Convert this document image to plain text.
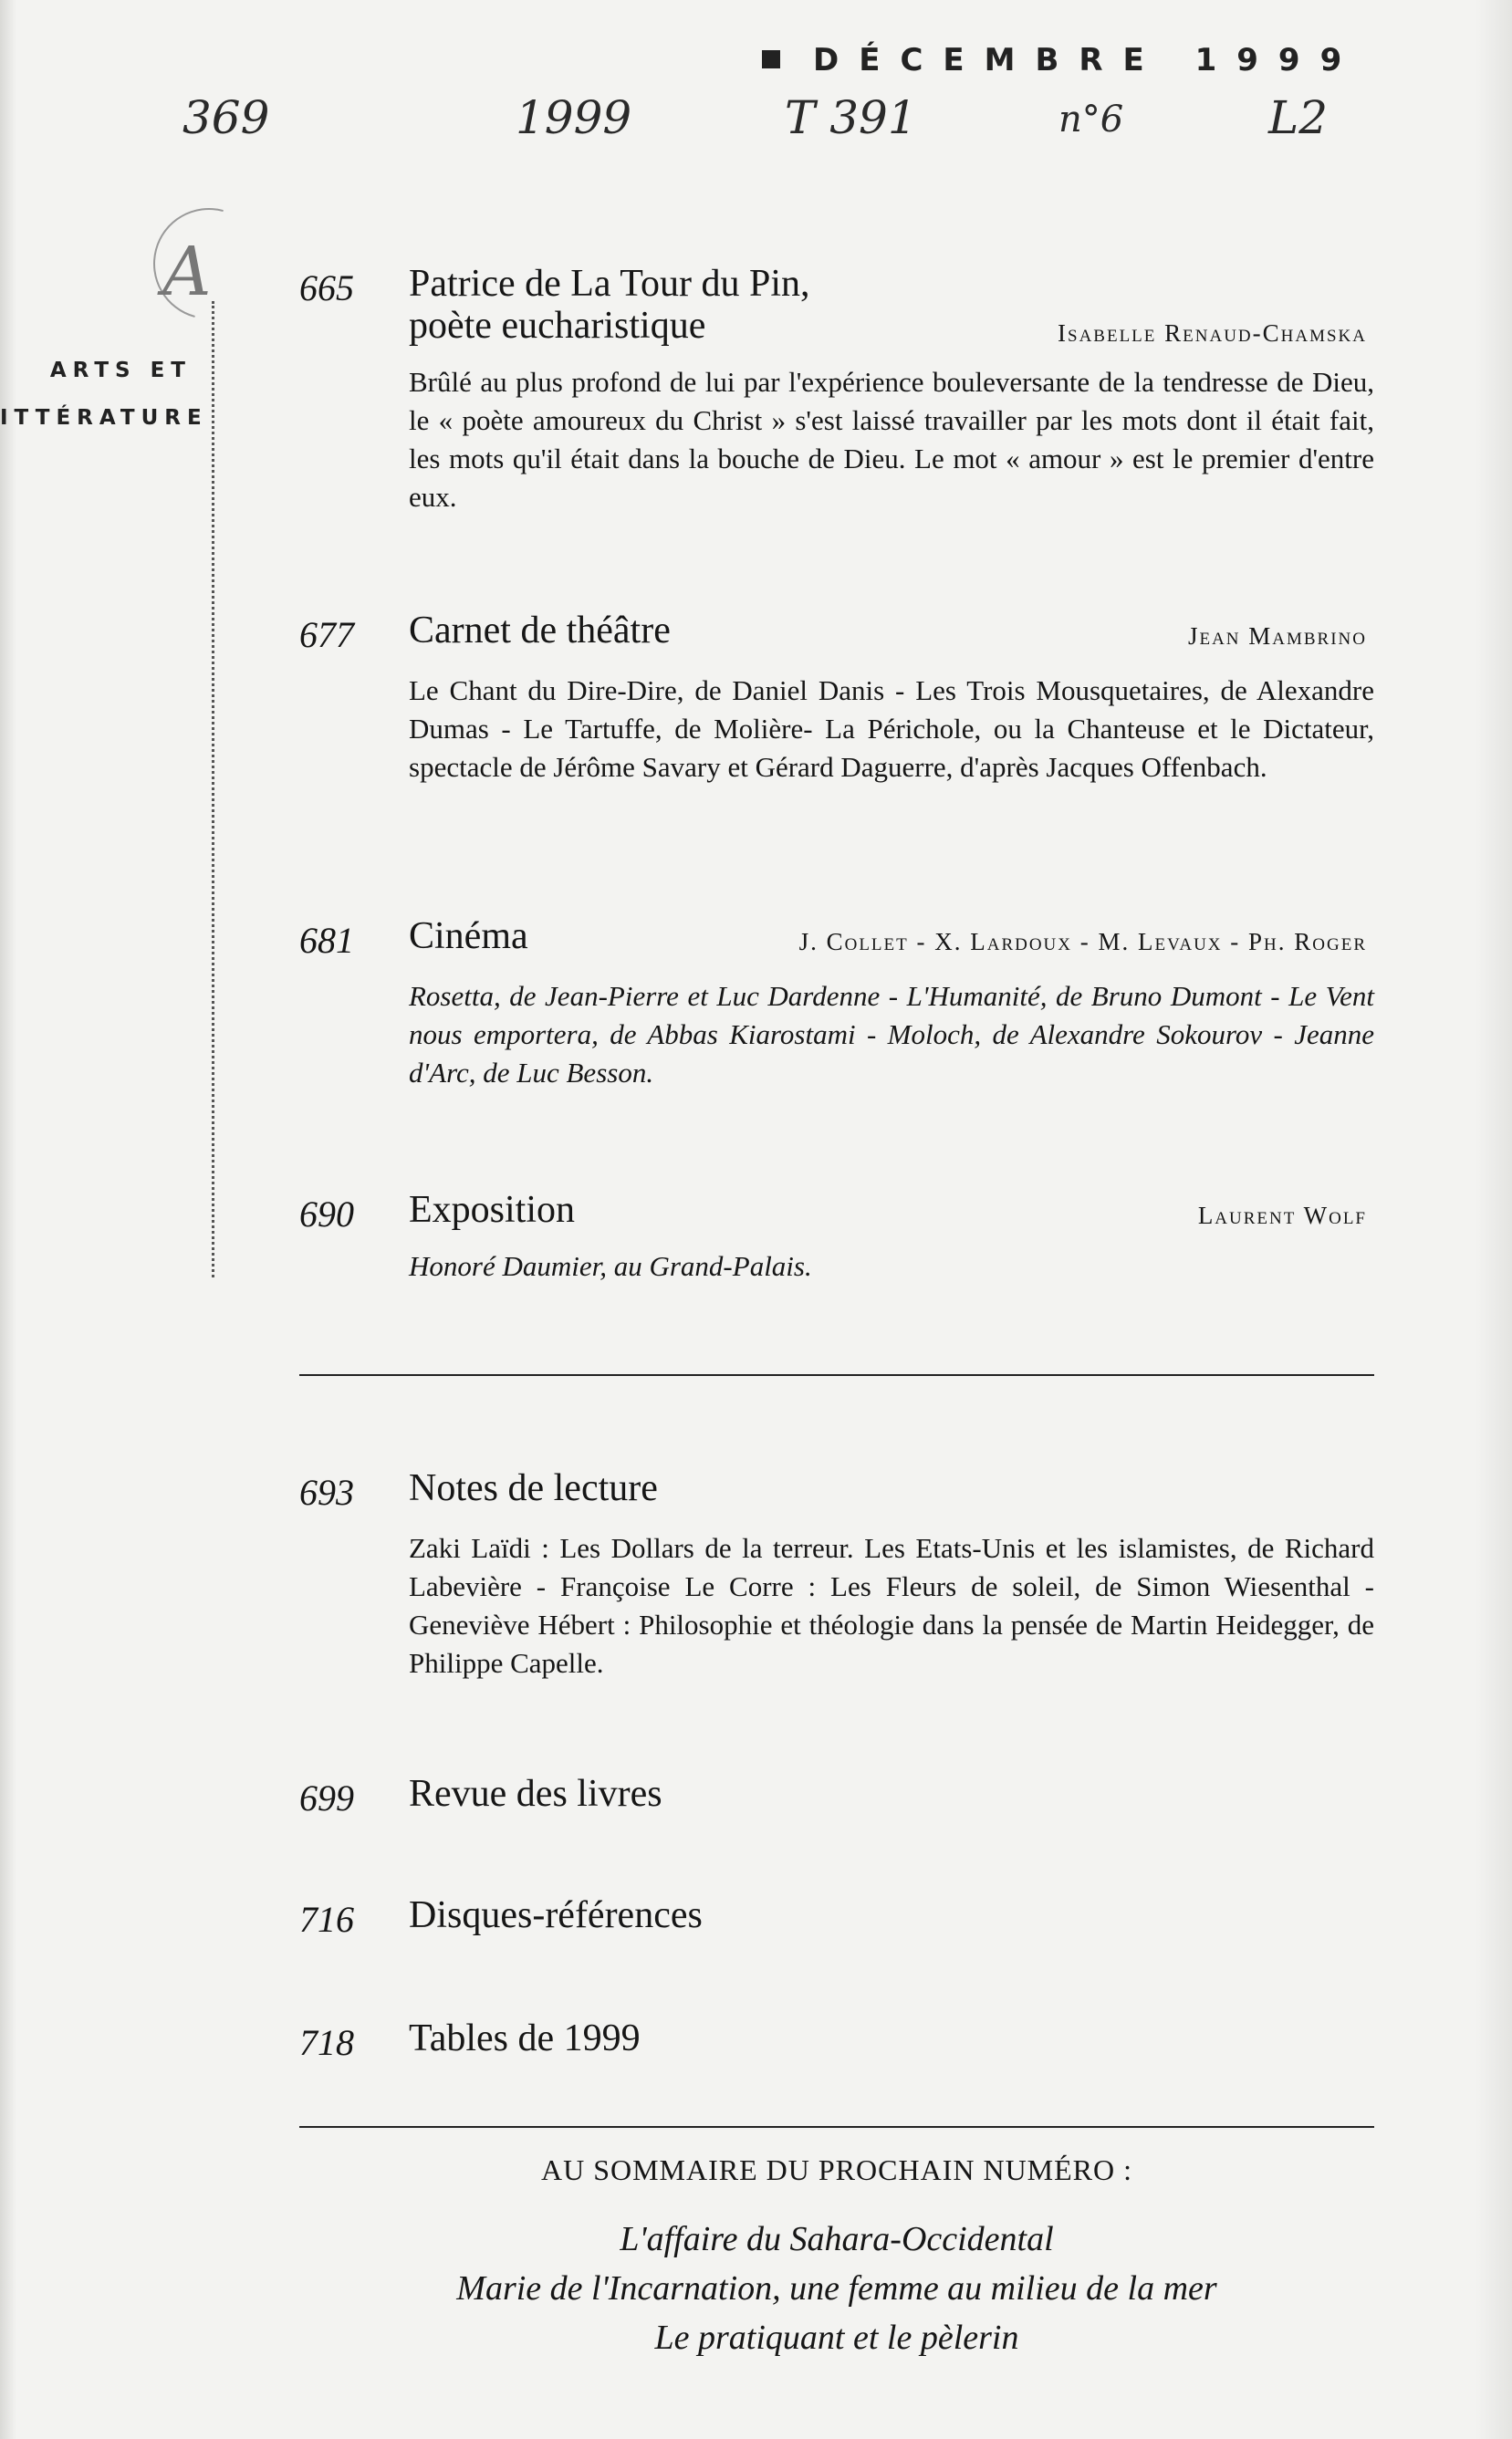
DÉCEMBRE 1999
369	1999	T 391	n°6	L2
A
ARTS ET
ITTÉRATURE
665	Patrice de La Tour du Pin,
poète eucharistique	Isabelle Renaud-Chamska
Brûlé au plus profond de lui par l'expérience bouleversante de la tendresse de Dieu, le « poète amoureux du Christ » s'est laissé travailler par les mots dont il était fait, les mots qu'il était dans la bouche de Dieu. Le mot « amour » est le premier d'entre eux.
677	Carnet de théâtre	Jean Mambrino
Le Chant du Dire-Dire, de Daniel Danis - Les Trois Mousquetaires, de Alexandre Dumas - Le Tartuffe, de Molière- La Périchole, ou la Chanteuse et le Dictateur, spectacle de Jérôme Savary et Gérard Daguerre, d'après Jacques Offenbach.
681	Cinéma	J. Collet - X. Lardoux - M. Levaux - Ph. Roger
Rosetta, de Jean-Pierre et Luc Dardenne - L'Humanité, de Bruno Dumont - Le Vent nous emportera, de Abbas Kiarostami - Moloch, de Alexandre Sokourov - Jeanne d'Arc, de Luc Besson.
690	Exposition	Laurent Wolf
Honoré Daumier, au Grand-Palais.
693	Notes de lecture
Zaki Laïdi : Les Dollars de la terreur. Les Etats-Unis et les islamistes, de Richard Labevière - Françoise Le Corre : Les Fleurs de soleil, de Simon Wiesenthal - Geneviève Hébert : Philosophie et théologie dans la pensée de Martin Heidegger, de Philippe Capelle.
699	Revue des livres
716	Disques-références
718	Tables de 1999
AU SOMMAIRE DU PROCHAIN NUMÉRO :
L'affaire du Sahara-Occidental
Marie de l'Incarnation, une femme au milieu de la mer
Le pratiquant et le pèlerin
